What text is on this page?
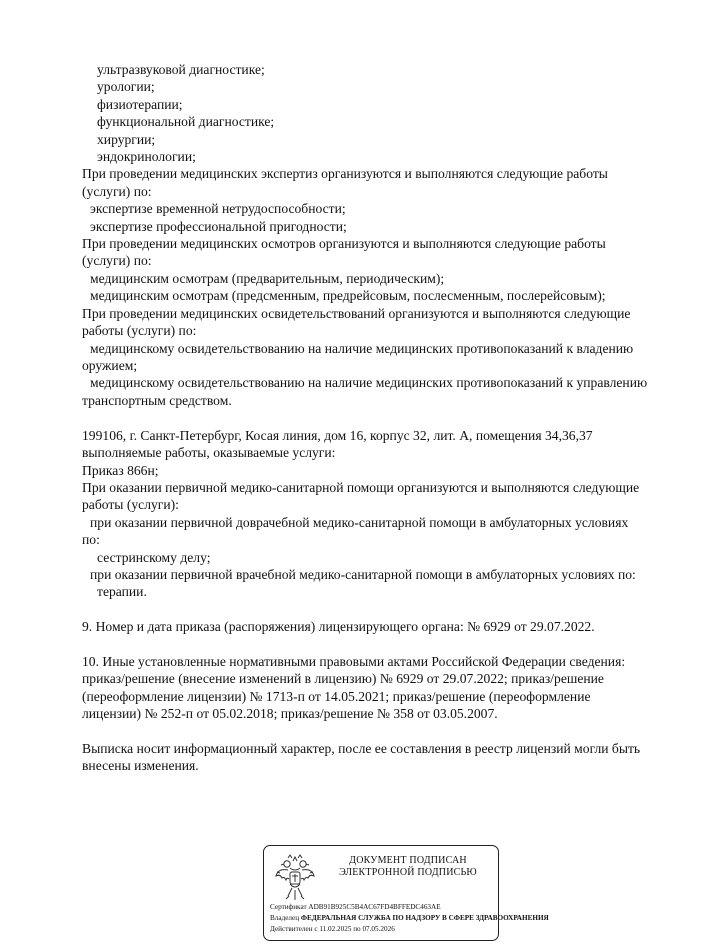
ультразвуковой диагностике;
урологии;
физиотерапии;
функциональной диагностике;
хирургии;
эндокринологии;
При проведении медицинских экспертиз организуются и выполняются следующие работы
(услуги) по:
экспертизе временной нетрудоспособности;
экспертизе профессиональной пригодности;
При проведении медицинских осмотров организуются и выполняются следующие работы
(услуги) по:
медицинским осмотрам (предварительным, периодическим);
медицинским осмотрам (предсменным, предрейсовым, послесменным, послерейсовым);
При проведении медицинских освидетельствований организуются и выполняются следующие
работы (услуги) по:
медицинскому освидетельствованию на наличие медицинских противопоказаний к владению
оружием;
медицинскому освидетельствованию на наличие медицинских противопоказаний к управлению
транспортным средством.
199106, г. Санкт-Петербург, Косая линия, дом 16, корпус 32, лит. А, помещения 34,36,37
выполняемые работы, оказываемые услуги:
Приказ 866н;
При оказании первичной медико-санитарной помощи организуются и выполняются следующие
работы (услуги):
при оказании первичной доврачебной медико-санитарной помощи в амбулаторных условиях
по:
сестринскому делу;
при оказании первичной врачебной медико-санитарной помощи в амбулаторных условиях по:
терапии.
9. Номер и дата приказа (распоряжения) лицензирующего органа: № 6929 от 29.07.2022.
10. Иные установленные нормативными правовыми актами Российской Федерации сведения:
приказ/решение (внесение изменений в лицензию) № 6929 от 29.07.2022; приказ/решение
(переоформление лицензии) № 1713-п от 14.05.2021; приказ/решение (переоформление
лицензии) № 252-п от 05.02.2018; приказ/решение № 358 от 03.05.2007.
Выписка носит информационный характер, после ее составления в реестр лицензий могли быть
внесены изменения.
ДОКУМЕНТ ПОДПИСАН
ЭЛЕКТРОННОЙ ПОДПИСЬЮ
Сертификат ADB91B925C5B4AC67FD4BFFEDC463AE
Владелец ФЕДЕРАЛЬНАЯ СЛУЖБА ПО НАДЗОРУ В СФЕРЕ ЗДРАВООХРАНЕНИЯ
Действителен с 11.02.2025 по 07.05.2026
